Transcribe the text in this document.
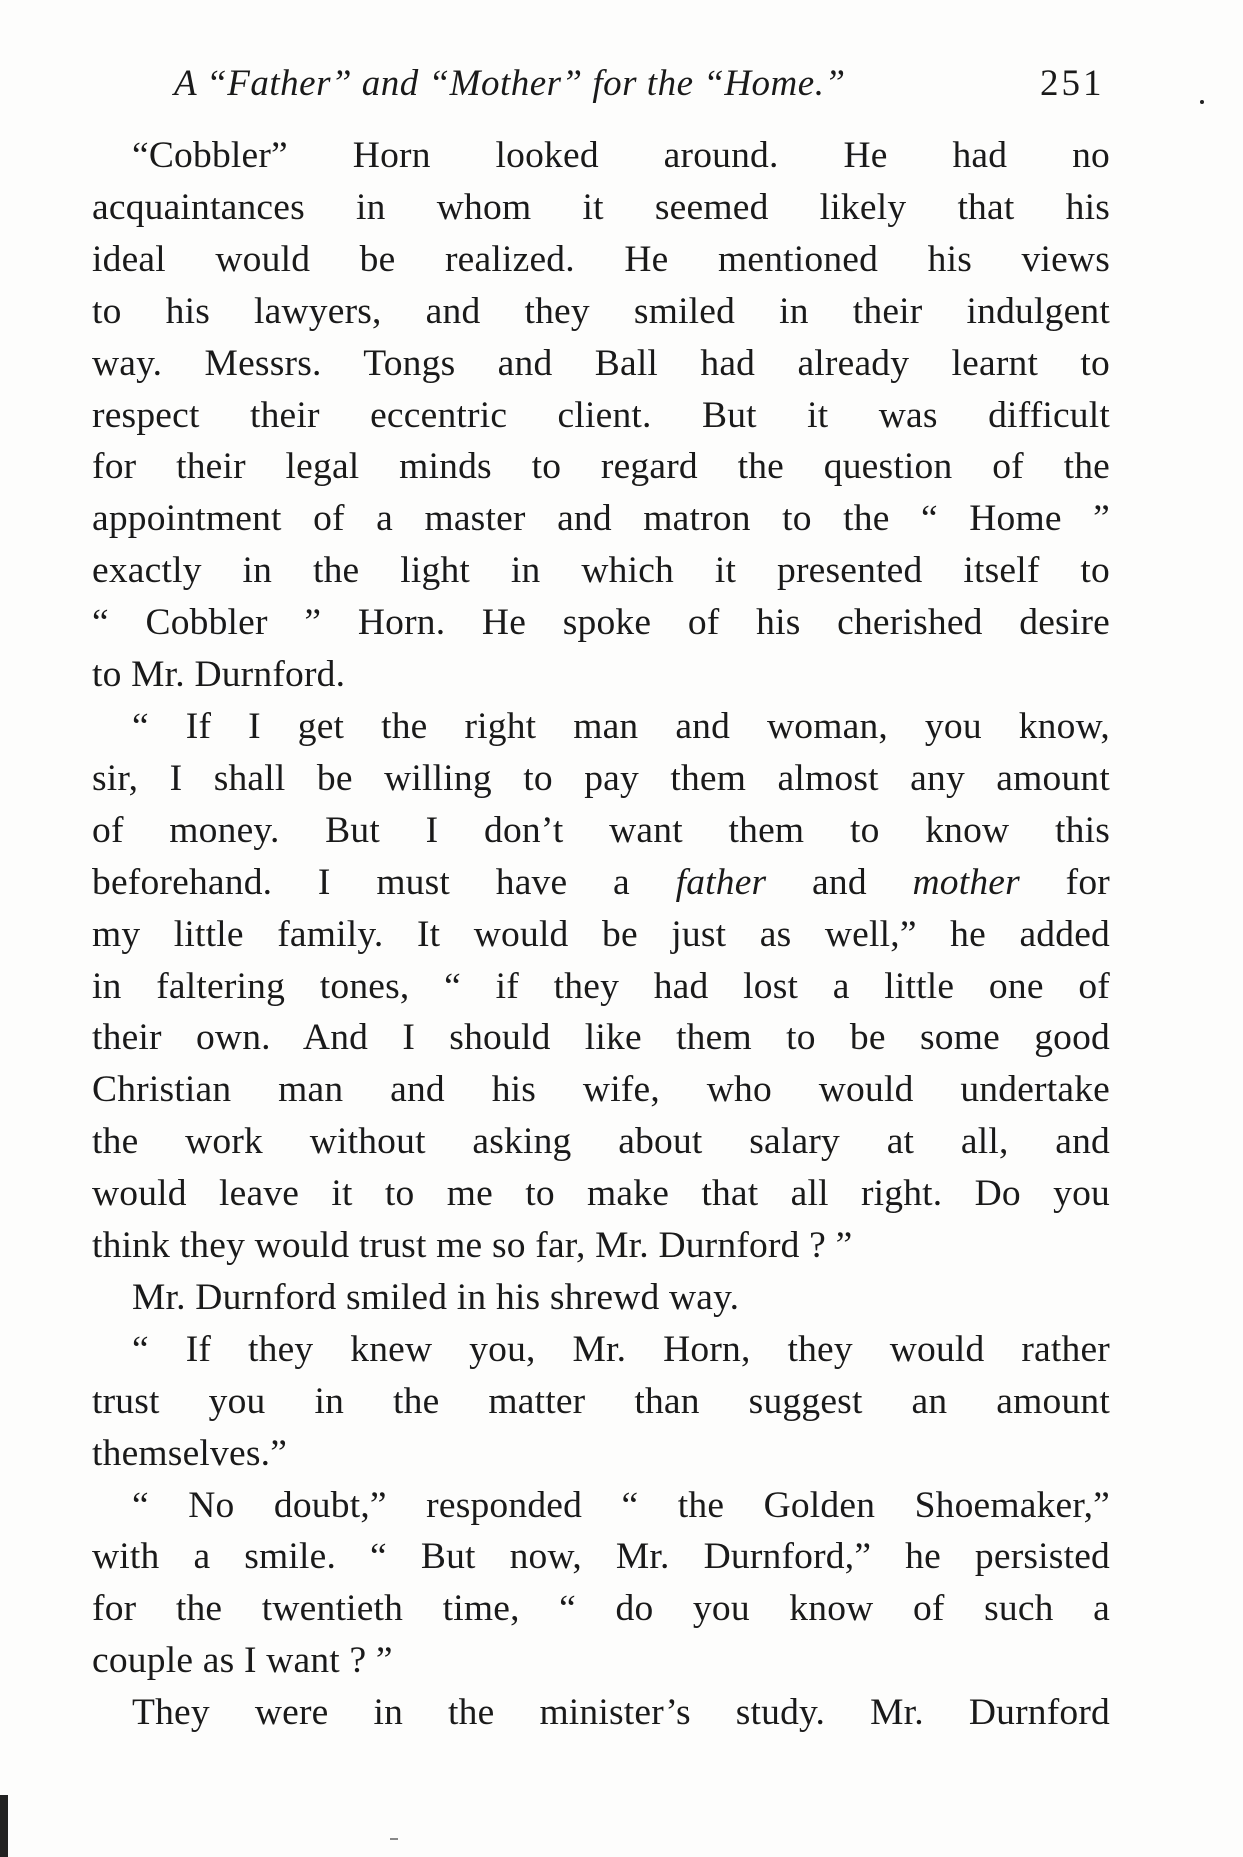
A “Father” and “Mother” for the “Home.”	251

“Cobbler” Horn looked around. He had no
acquaintances in whom it seemed likely that his
ideal would be realized. He mentioned his views
to his lawyers, and they smiled in their indulgent
way. Messrs. Tongs and Ball had already learnt to
respect their eccentric client. But it was difficult
for their legal minds to regard the question of the
appointment of a master and matron to the “ Home ”
exactly in the light in which it presented itself to
“ Cobbler ” Horn. He spoke of his cherished desire
to Mr. Durnford.

“ If I get the right man and woman, you know,
sir, I shall be willing to pay them almost any amount
of money. But I don’t want them to know this
beforehand. I must have a father and mother for
my little family. It would be just as well,” he added
in faltering tones, “ if they had lost a little one of
their own. And I should like them to be some good
Christian man and his wife, who would undertake
the work without asking about salary at all, and
would leave it to me to make that all right. Do you
think they would trust me so far, Mr. Durnford ? ”

Mr. Durnford smiled in his shrewd way.

“ If they knew you, Mr. Horn, they would rather
trust you in the matter than suggest an amount
themselves.”

“ No doubt,” responded “ the Golden Shoemaker,”
with a smile. “ But now, Mr. Durnford,” he persisted
for the twentieth time, “ do you know of such a
couple as I want ? ”

They were in the minister’s study. Mr. Durnford
